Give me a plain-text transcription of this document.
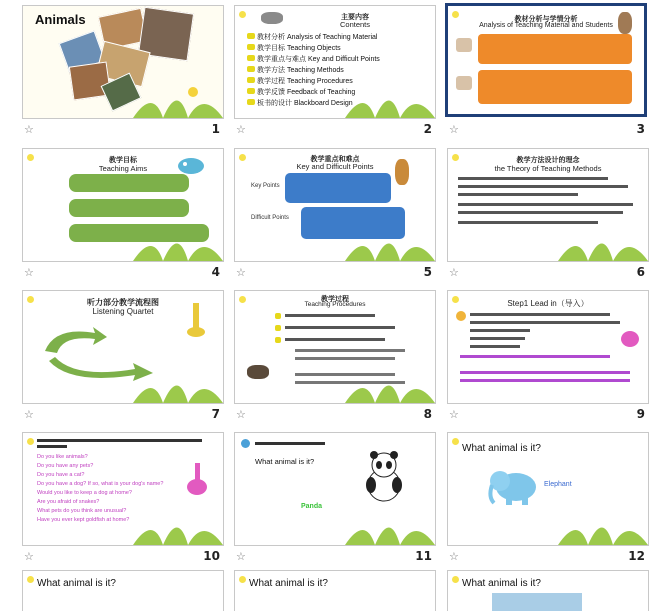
Animals
☆	1
主要内容
Contents
教材分析 Analysis of Teaching Material
教学目标 Teaching Objects
教学重点与难点 Key and Difficult Points
教学方法 Teaching Methods
教学过程 Teaching Procedures
教学反馈 Feedback of Teaching
板书的设计 Blackboard Design
☆	2
教材分析与学情分析
Analysis of Teaching Material and Students
☆	3
教学目标
Teaching Aims
☆	4
教学重点和难点
Key and Difficult Points
Key Points
Difficult Points
☆	5
教学方法设计的理念
the Theory of Teaching Methods
☆	6
听力部分教学流程图
Listening Quartet
☆	7
教学过程
Teaching Procedures
☆	8
Step1 Lead in（导入）
☆	9
Do you like animals?
Do you have any pets?
Do you have a cat?
Do you have a dog? If so, what is your dog's name?
Would you like to keep a dog at home?
Are you afraid of snakes?
What pets do you think are unusual?
Have you ever kept goldfish at home?
☆	10
What animal is it?
Panda
☆	11
What animal is it?
Elephant
☆	12
What animal is it?	What animal is it?	What animal is it?
